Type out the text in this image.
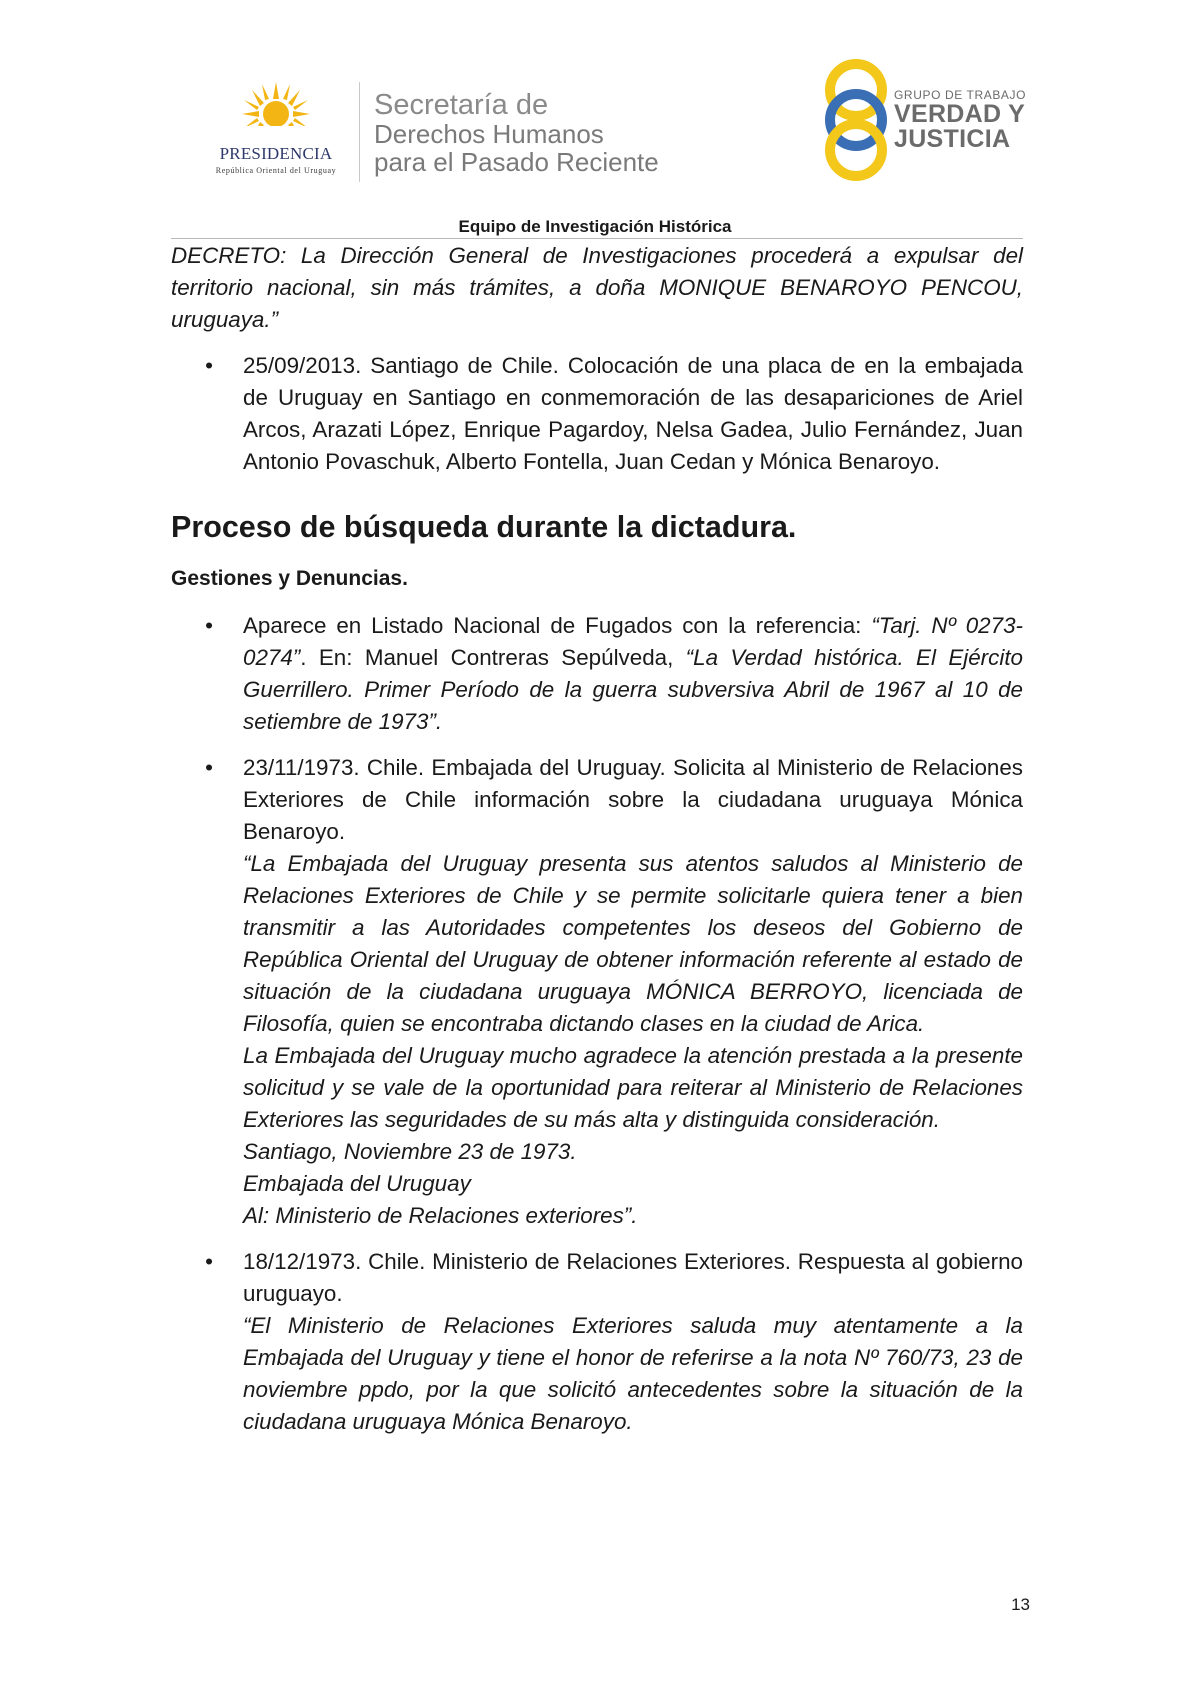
PRESIDENCIA
República Oriental del Uruguay
Secretaría de
Derechos Humanos
para el Pasado Reciente
GRUPO DE TRABAJO
VERDAD Y
JUSTICIA
Equipo de Investigación Histórica

DECRETO: La Dirección General de Investigaciones procederá a expulsar del territorio nacional, sin más trámites, a doña MONIQUE BENAROYO PENCOU, uruguaya.”

• 25/09/2013. Santiago de Chile. Colocación de una placa de en la embajada de Uruguay en Santiago en conmemoración de las desapariciones de Ariel Arcos, Arazati López, Enrique Pagardoy, Nelsa Gadea, Julio Fernández, Juan Antonio Povaschuk, Alberto Fontella, Juan Cedan y Mónica Benaroyo.
Proceso de búsqueda durante la dictadura.
Gestiones y Denuncias.
• Aparece en Listado Nacional de Fugados con la referencia: “Tarj. Nº 0273-0274”. En: Manuel Contreras Sepúlveda, “La Verdad histórica. El Ejército Guerrillero. Primer Período de la guerra subversiva Abril de 1967 al 10 de setiembre de 1973”.
• 23/11/1973. Chile. Embajada del Uruguay. Solicita al Ministerio de Relaciones Exteriores de Chile información sobre la ciudadana uruguaya Mónica Benaroyo.
“La Embajada del Uruguay presenta sus atentos saludos al Ministerio de Relaciones Exteriores de Chile y se permite solicitarle quiera tener a bien transmitir a las Autoridades competentes los deseos del Gobierno de República Oriental del Uruguay de obtener información referente al estado de situación de la ciudadana uruguaya MÓNICA BERROYO, licenciada de Filosofía, quien se encontraba dictando clases en la ciudad de Arica.
La Embajada del Uruguay mucho agradece la atención prestada a la presente solicitud y se vale de la oportunidad para reiterar al Ministerio de Relaciones Exteriores las seguridades de su más alta y distinguida consideración.
Santiago, Noviembre 23 de 1973.
Embajada del Uruguay
Al: Ministerio de Relaciones exteriores”.
• 18/12/1973. Chile. Ministerio de Relaciones Exteriores. Respuesta al gobierno uruguayo.
“El Ministerio de Relaciones Exteriores saluda muy atentamente a la Embajada del Uruguay y tiene el honor de referirse a la nota Nº 760/73, 23 de noviembre ppdo, por la que solicitó antecedentes sobre la situación de la ciudadana uruguaya Mónica Benaroyo.
13
